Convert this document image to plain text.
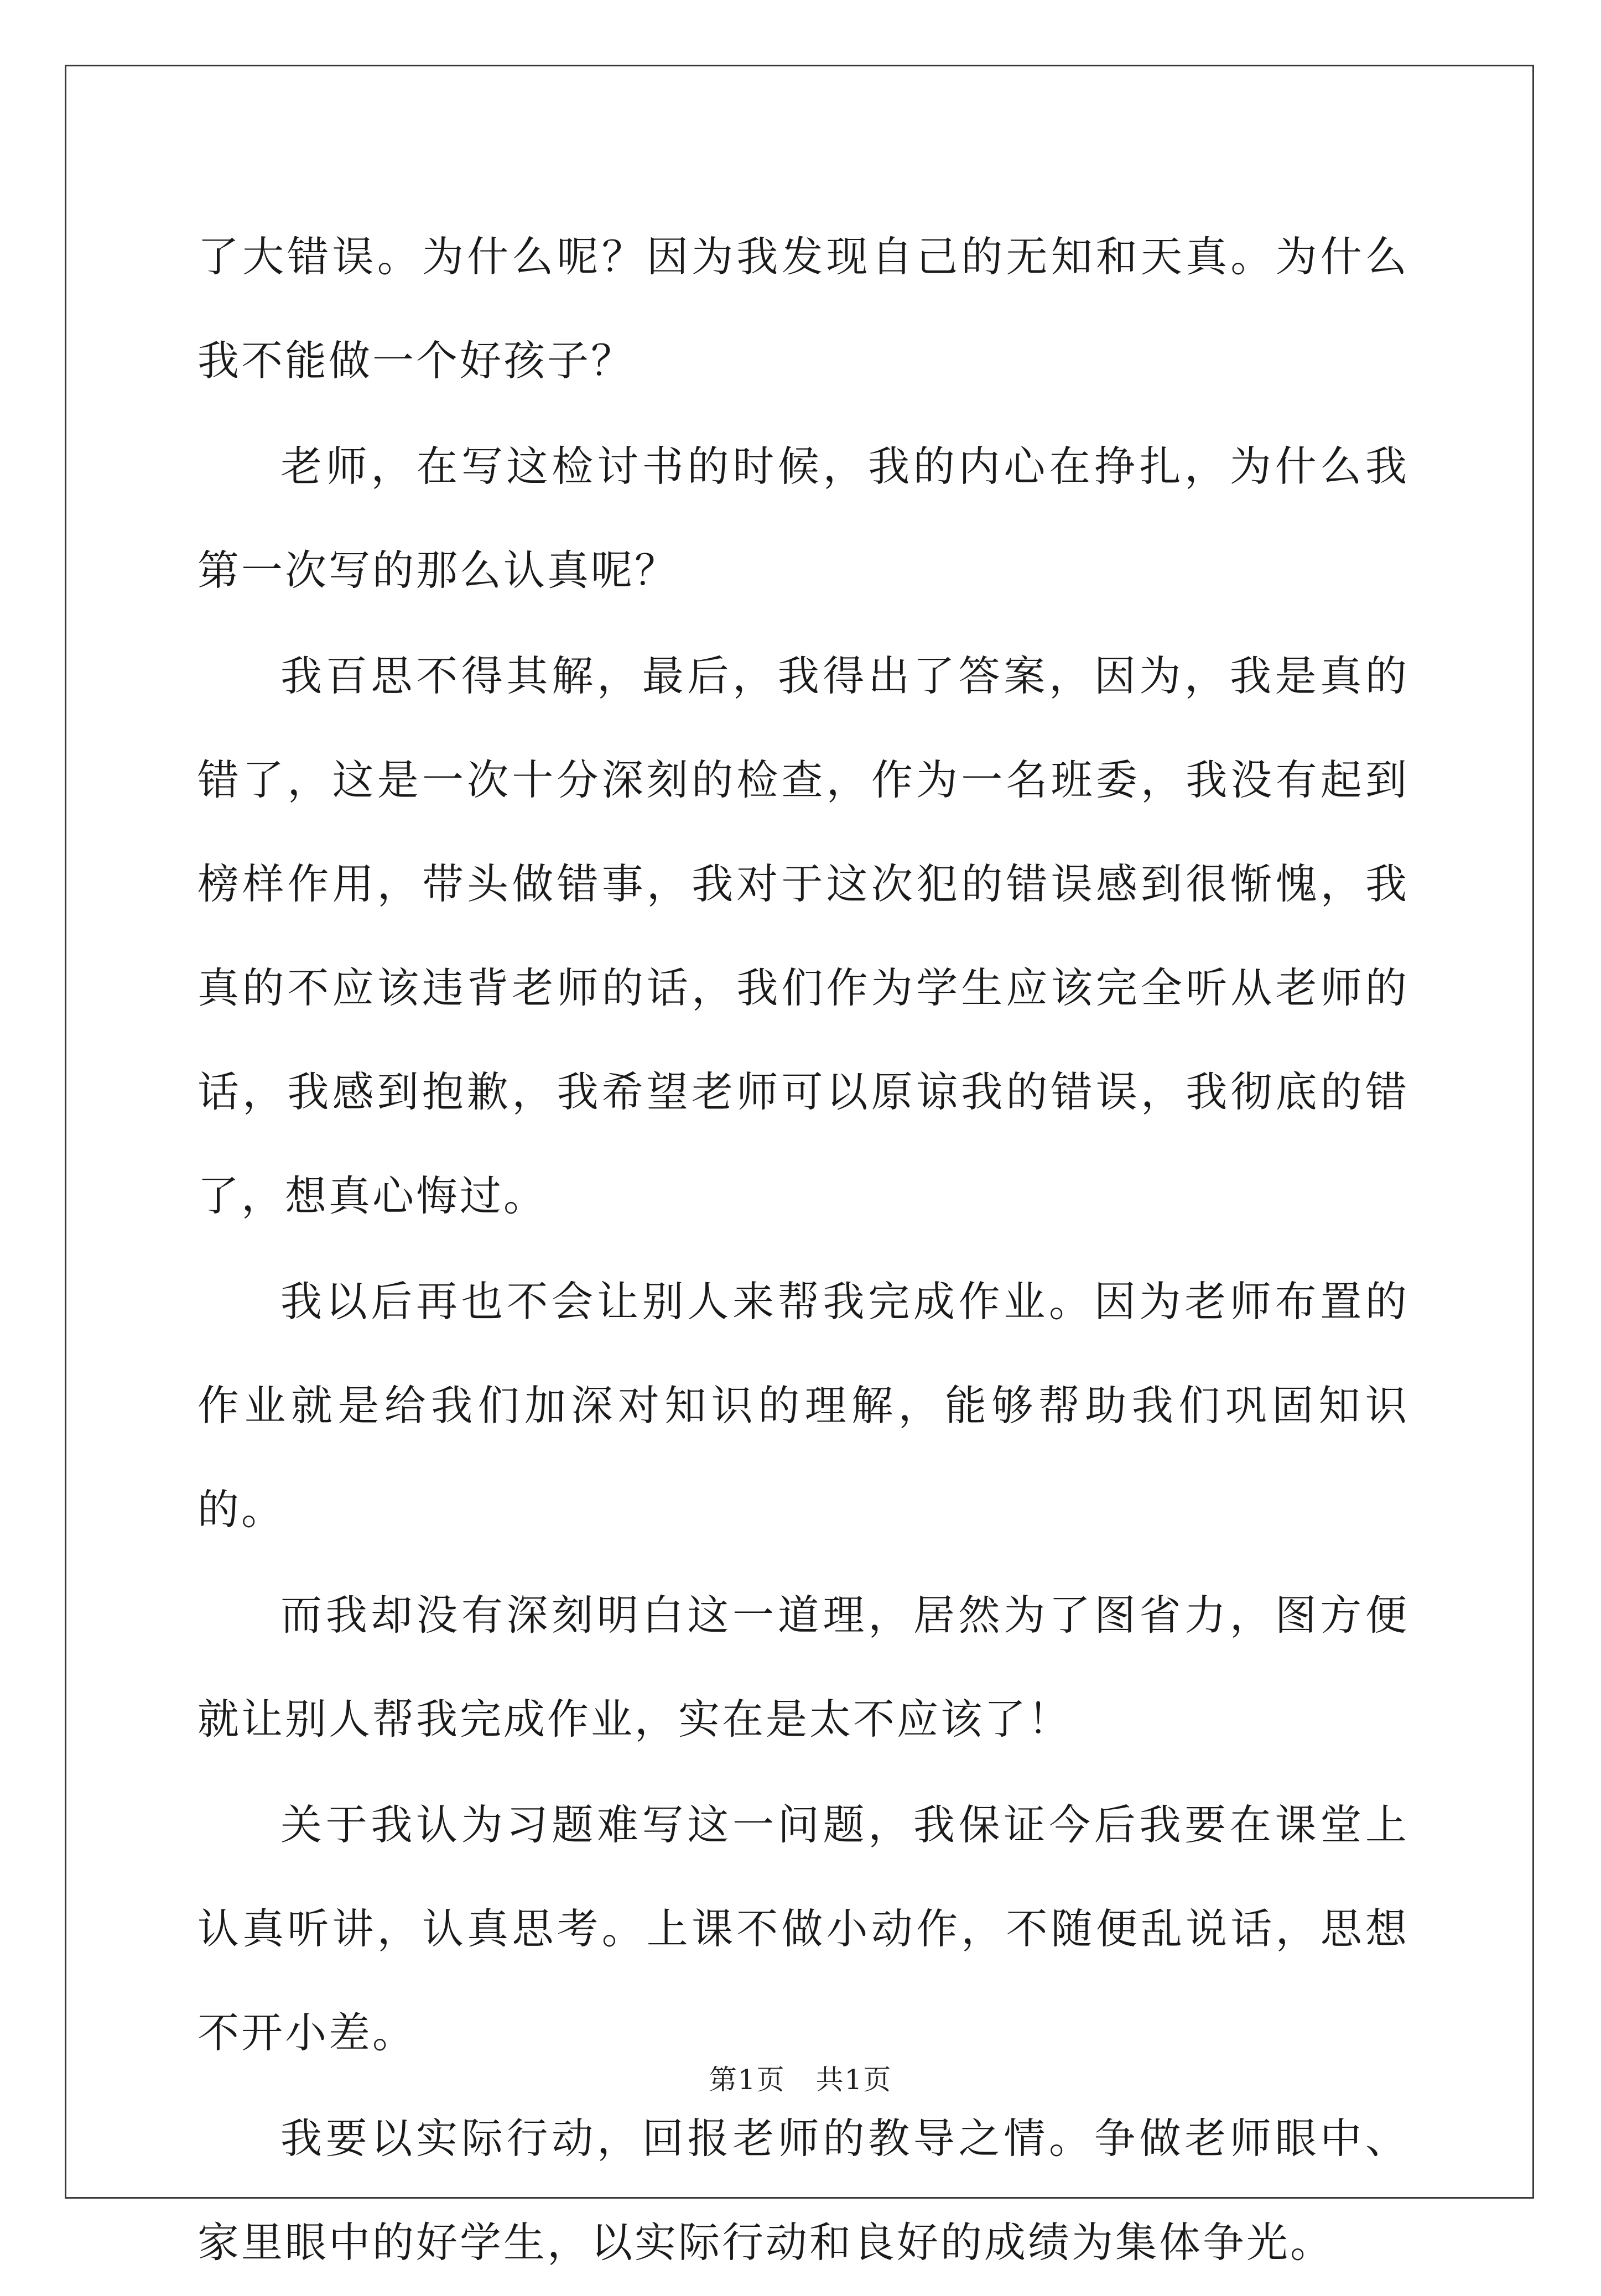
了大错误。为什么呢？因为我发现自己的无知和天真。为什么我不能做一个好孩子？

老师，在写这检讨书的时候，我的内心在挣扎，为什么我第一次写的那么认真呢？

我百思不得其解，最后，我得出了答案，因为，我是真的错了，这是一次十分深刻的检查，作为一名班委，我没有起到榜样作用，带头做错事，我对于这次犯的错误感到很惭愧，我真的不应该违背老师的话，我们作为学生应该完全听从老师的话，我感到抱歉，我希望老师可以原谅我的错误，我彻底的错了，想真心悔过。

我以后再也不会让别人来帮我完成作业。因为老师布置的作业就是给我们加深对知识的理解，能够帮助我们巩固知识的。

而我却没有深刻明白这一道理，居然为了图省力，图方便就让别人帮我完成作业，实在是太不应该了！

关于我认为习题难写这一问题，我保证今后我要在课堂上认真听讲，认真思考。上课不做小动作，不随便乱说话，思想不开小差。

我要以实际行动，回报老师的教导之情。争做老师眼中、家里眼中的好学生，以实际行动和良好的成绩为集体争光。

第1页 共1页
